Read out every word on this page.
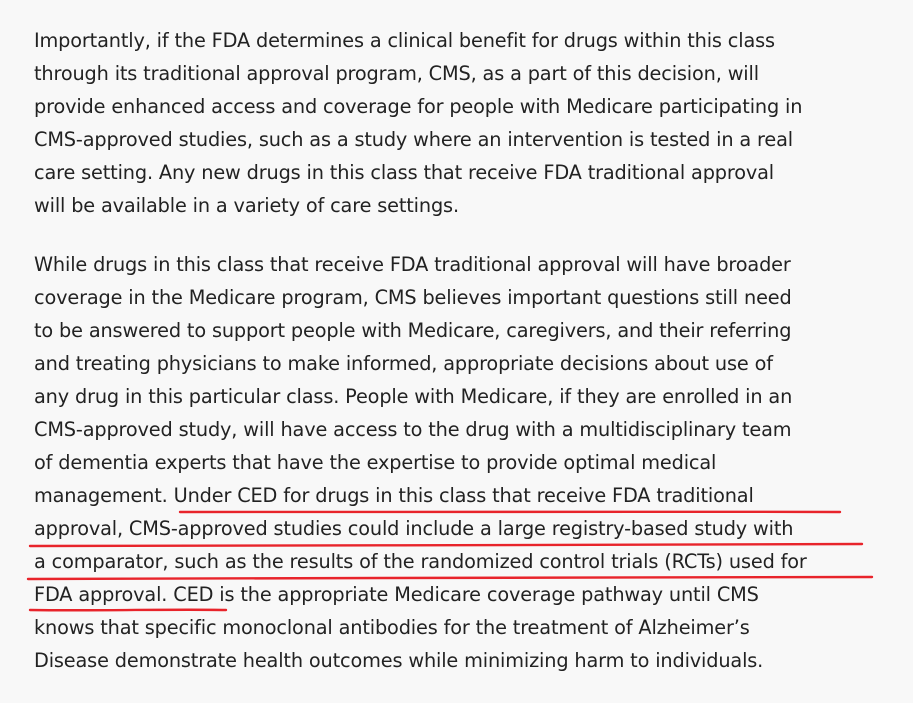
Importantly, if the FDA determines a clinical benefit for drugs within this class
through its traditional approval program, CMS, as a part of this decision, will
provide enhanced access and coverage for people with Medicare participating in
CMS-approved studies, such as a study where an intervention is tested in a real
care setting. Any new drugs in this class that receive FDA traditional approval
will be available in a variety of care settings.
While drugs in this class that receive FDA traditional approval will have broader
coverage in the Medicare program, CMS believes important questions still need
to be answered to support people with Medicare, caregivers, and their referring
and treating physicians to make informed, appropriate decisions about use of
any drug in this particular class. People with Medicare, if they are enrolled in an
CMS-approved study, will have access to the drug with a multidisciplinary team
of dementia experts that have the expertise to provide optimal medical
management. Under CED for drugs in this class that receive FDA traditional
approval, CMS-approved studies could include a large registry-based study with
a comparator, such as the results of the randomized control trials (RCTs) used for
FDA approval. CED is the appropriate Medicare coverage pathway until CMS
knows that specific monoclonal antibodies for the treatment of Alzheimer’s
Disease demonstrate health outcomes while minimizing harm to individuals.
